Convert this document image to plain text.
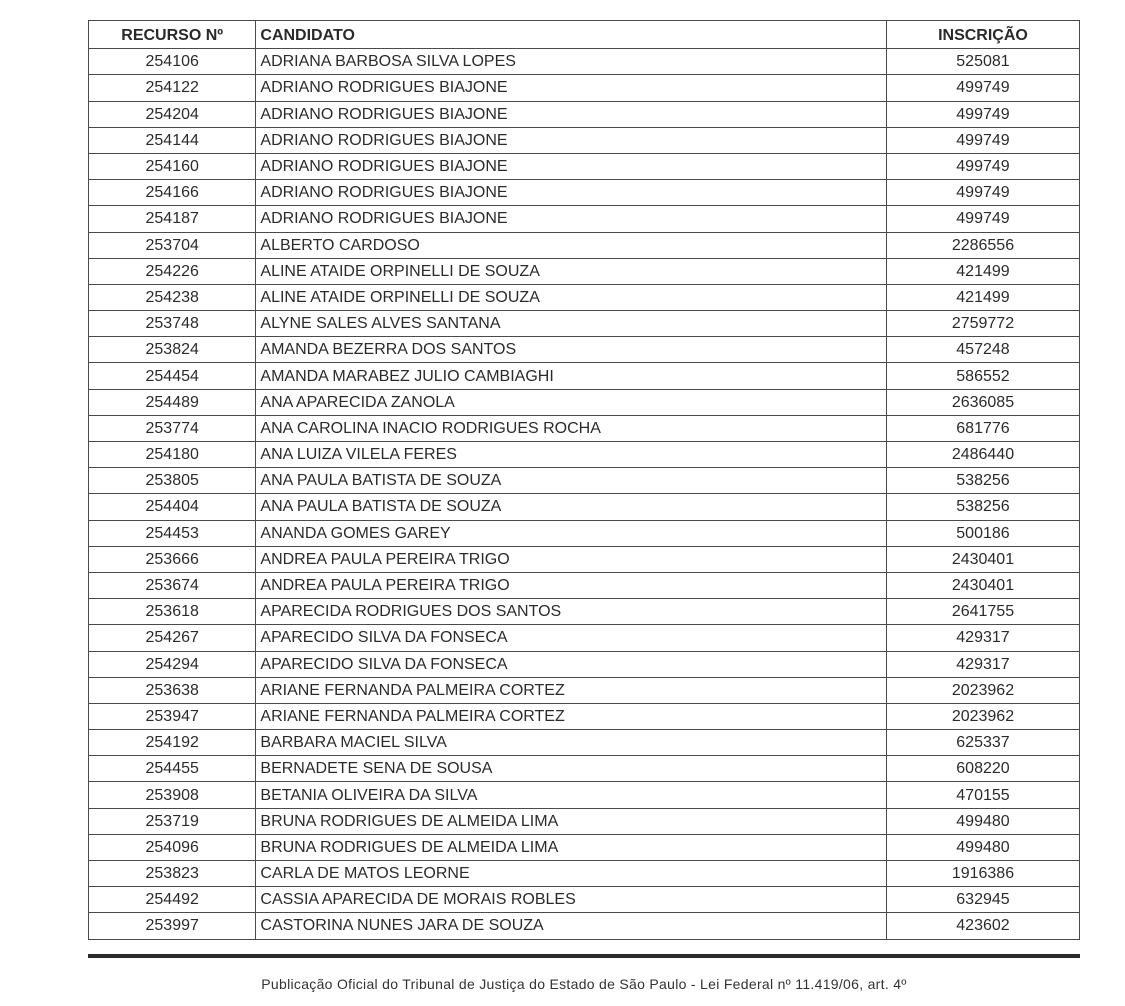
RECURSO Nº	CANDIDATO	INSCRIÇÃO
254106	ADRIANA BARBOSA SILVA LOPES	525081
254122	ADRIANO RODRIGUES BIAJONE	499749
254204	ADRIANO RODRIGUES BIAJONE	499749
254144	ADRIANO RODRIGUES BIAJONE	499749
254160	ADRIANO RODRIGUES BIAJONE	499749
254166	ADRIANO RODRIGUES BIAJONE	499749
254187	ADRIANO RODRIGUES BIAJONE	499749
253704	ALBERTO CARDOSO	2286556
254226	ALINE ATAIDE ORPINELLI DE SOUZA	421499
254238	ALINE ATAIDE ORPINELLI DE SOUZA	421499
253748	ALYNE SALES ALVES SANTANA	2759772
253824	AMANDA BEZERRA DOS SANTOS	457248
254454	AMANDA MARABEZ JULIO CAMBIAGHI	586552
254489	ANA APARECIDA ZANOLA	2636085
253774	ANA CAROLINA INACIO RODRIGUES ROCHA	681776
254180	ANA LUIZA VILELA FERES	2486440
253805	ANA PAULA BATISTA DE SOUZA	538256
254404	ANA PAULA BATISTA DE SOUZA	538256
254453	ANANDA GOMES GAREY	500186
253666	ANDREA PAULA PEREIRA TRIGO	2430401
253674	ANDREA PAULA PEREIRA TRIGO	2430401
253618	APARECIDA RODRIGUES DOS SANTOS	2641755
254267	APARECIDO SILVA DA FONSECA	429317
254294	APARECIDO SILVA DA FONSECA	429317
253638	ARIANE FERNANDA PALMEIRA CORTEZ	2023962
253947	ARIANE FERNANDA PALMEIRA CORTEZ	2023962
254192	BARBARA MACIEL SILVA	625337
254455	BERNADETE SENA DE SOUSA	608220
253908	BETANIA OLIVEIRA DA SILVA	470155
253719	BRUNA RODRIGUES DE ALMEIDA LIMA	499480
254096	BRUNA RODRIGUES DE ALMEIDA LIMA	499480
253823	CARLA DE MATOS LEORNE	1916386
254492	CASSIA APARECIDA DE MORAIS ROBLES	632945
253997	CASTORINA NUNES JARA DE SOUZA	423602
Publicação Oficial do Tribunal de Justiça do Estado de São Paulo - Lei Federal nº 11.419/06, art. 4º
